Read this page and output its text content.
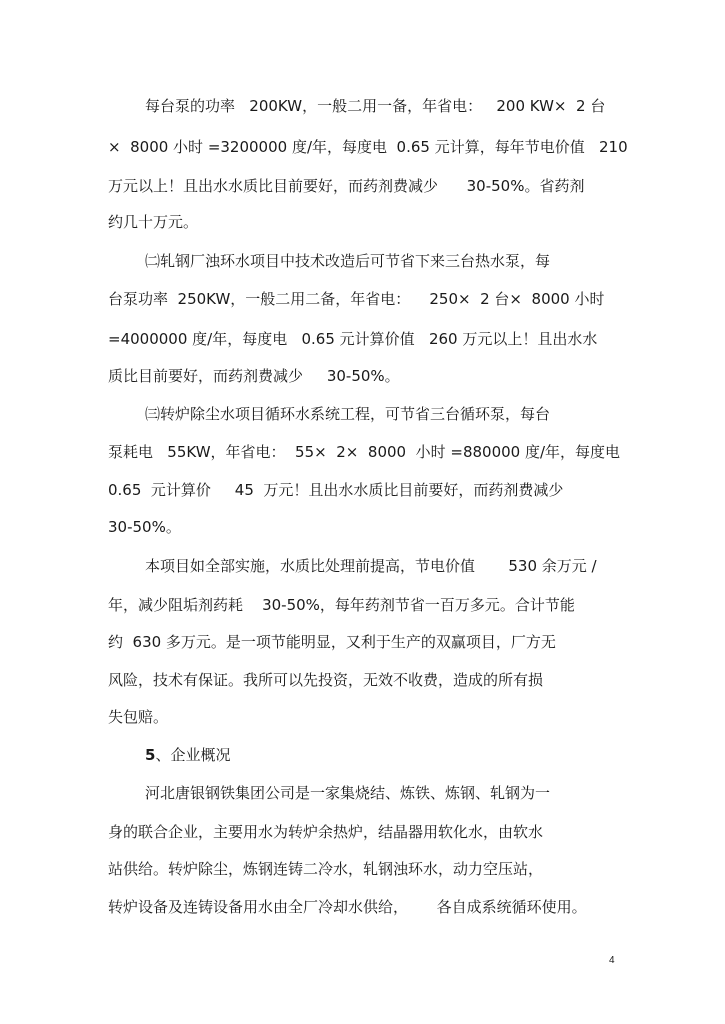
每台泵的功率   200KW，一般二用一备，年省电：   200 KW×  2 台
×  8000 小时 =3200000 度/年，每度电  0.65 元计算，每年节电价值   210
万元以上！且出水水质比目前要好，而药剂费减少      30-50%。省药剂
约几十万元。
㈡轧钢厂浊环水项目中技术改造后可节省下来三台热水泵，每
台泵功率  250KW，一般二用二备，年省电：    250×  2 台×  8000 小时
=4000000 度/年，每度电   0.65 元计算价值   260 万元以上！且出水水
质比目前要好，而药剂费减少     30-50%。
㈢转炉除尘水项目循环水系统工程，可节省三台循环泵，每台
泵耗电   55KW，年省电：  55×  2×  8000  小时 =880000 度/年，每度电
0.65  元计算价     45  万元！且出水水质比目前要好，而药剂费减少
30-50%。
本项目如全部实施，水质比处理前提高，节电价值       530 余万元 /
年，减少阻垢剂药耗    30-50%，每年药剂节省一百万多元。合计节能
约  630 多万元。是一项节能明显，又利于生产的双赢项目，厂方无
风险，技术有保证。我所可以先投资，无效不收费，造成的所有损
失包赔。
5、企业概况
河北唐银钢铁集团公司是一家集烧结、炼铁、炼钢、轧钢为一
身的联合企业，主要用水为转炉余热炉，结晶器用软化水，由软水
站供给。转炉除尘，炼钢连铸二冷水，轧钢浊环水，动力空压站，
转炉设备及连铸设备用水由全厂冷却水供给，      各自成系统循环使用。
4
